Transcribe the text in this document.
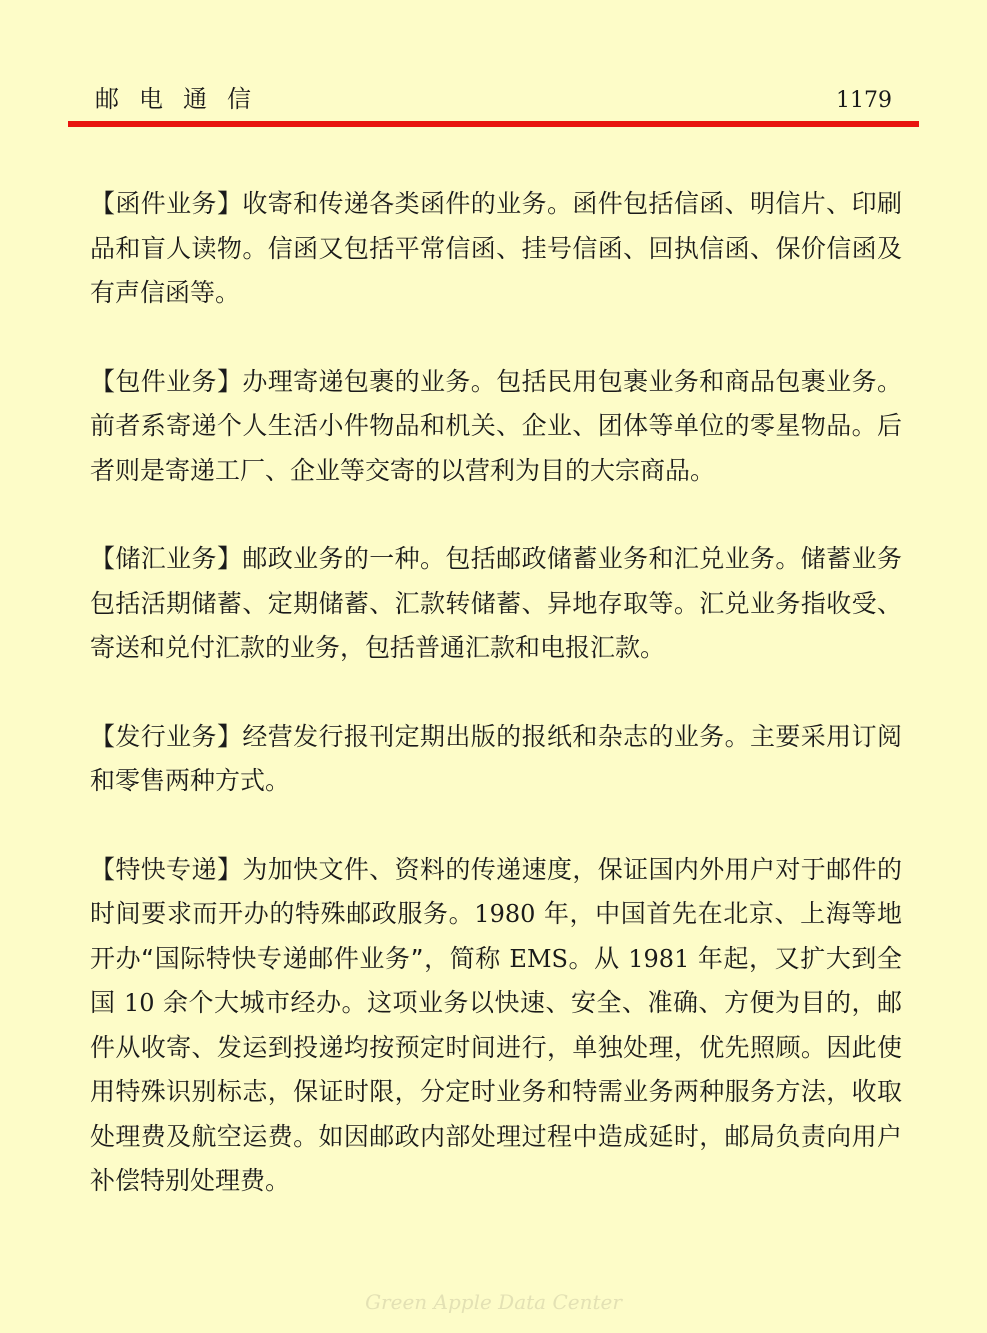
邮电通信	1179

【函件业务】收寄和传递各类函件的业务。函件包括信函、明信片、印刷品和盲人读物。信函又包括平常信函、挂号信函、回执信函、保价信函及有声信函等。

【包件业务】办理寄递包裹的业务。包括民用包裹业务和商品包裹业务。前者系寄递个人生活小件物品和机关、企业、团体等单位的零星物品。后者则是寄递工厂、企业等交寄的以营利为目的大宗商品。

【储汇业务】邮政业务的一种。包括邮政储蓄业务和汇兑业务。储蓄业务包括活期储蓄、定期储蓄、汇款转储蓄、异地存取等。汇兑业务指收受、寄送和兑付汇款的业务，包括普通汇款和电报汇款。

【发行业务】经营发行报刊定期出版的报纸和杂志的业务。主要采用订阅和零售两种方式。

【特快专递】为加快文件、资料的传递速度，保证国内外用户对于邮件的时间要求而开办的特殊邮政服务。1980 年，中国首先在北京、上海等地开办“国际特快专递邮件业务”，简称 EMS。从 1981 年起，又扩大到全国 10 余个大城市经办。这项业务以快速、安全、准确、方便为目的，邮件从收寄、发运到投递均按预定时间进行，单独处理，优先照顾。因此使用特殊识别标志，保证时限，分定时业务和特需业务两种服务方法，收取处理费及航空运费。如因邮政内部处理过程中造成延时，邮局负责向用户补偿特别处理费。

Green Apple Data Center
